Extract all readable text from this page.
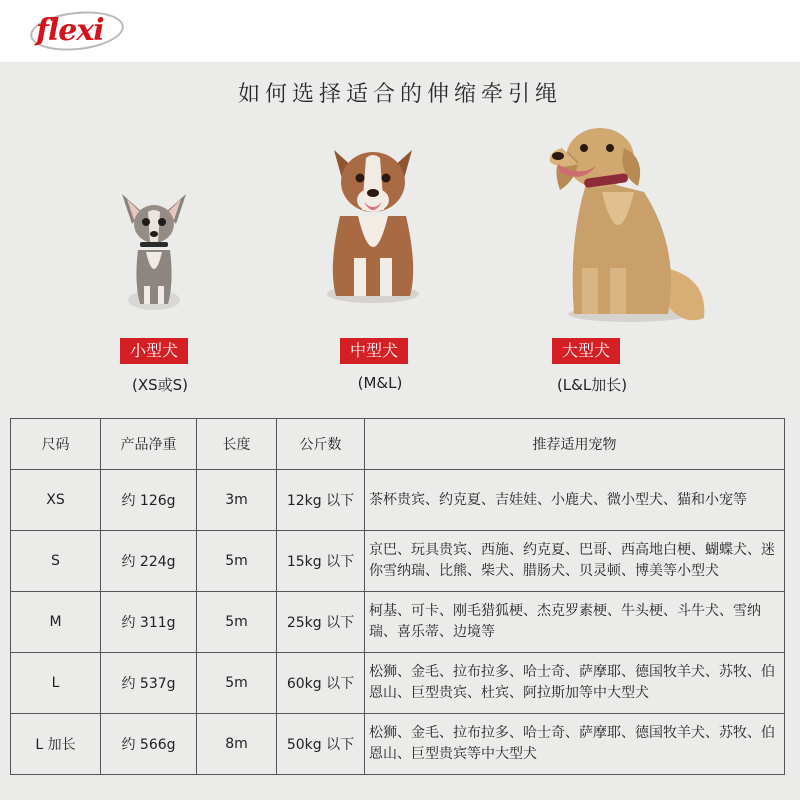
flexi
如何选择适合的伸缩牵引绳
小型犬
(XS或S)
中型犬
(M&L)
大型犬
(L&L加长)
尺码	产品净重	长度	公斤数	推荐适用宠物
XS	约 126g	3m	12kg 以下	茶杯贵宾、约克夏、吉娃娃、小鹿犬、微小型犬、猫和小宠等
S	约 224g	5m	15kg 以下	京巴、玩具贵宾、西施、约克夏、巴哥、西高地白梗、蝴蝶犬、迷你雪纳瑞、比熊、柴犬、腊肠犬、贝灵顿、博美等小型犬
M	约 311g	5m	25kg 以下	柯基、可卡、刚毛猎狐梗、杰克罗素梗、牛头梗、斗牛犬、雪纳瑞、喜乐蒂、边境等
L	约 537g	5m	60kg 以下	松狮、金毛、拉布拉多、哈士奇、萨摩耶、德国牧羊犬、苏牧、伯恩山、巨型贵宾、杜宾、阿拉斯加等中大型犬
L 加长	约 566g	8m	50kg 以下	松狮、金毛、拉布拉多、哈士奇、萨摩耶、德国牧羊犬、苏牧、伯恩山、巨型贵宾等中大型犬
